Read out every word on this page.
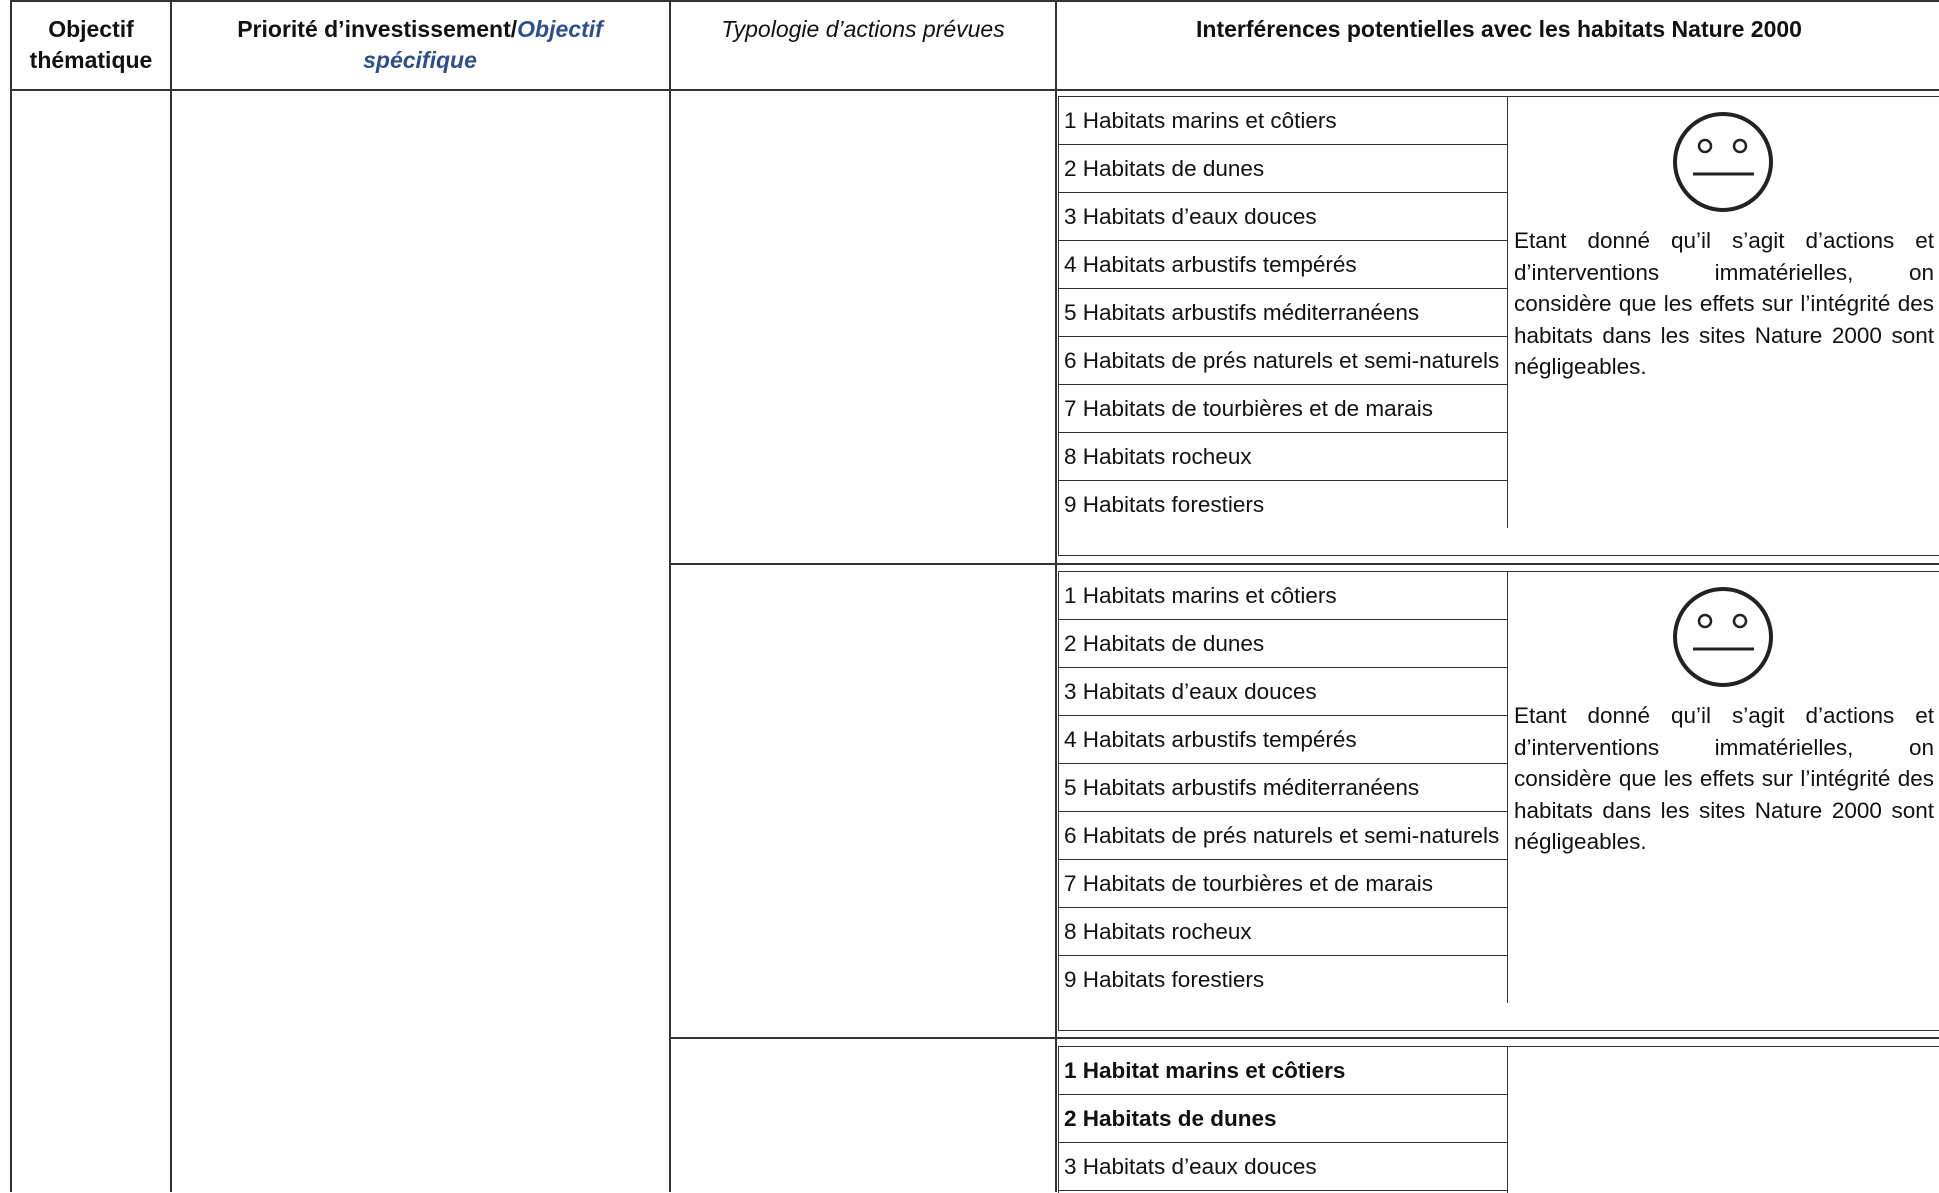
Objectif thématique
Priorité d’investissement/Objectif spécifique
Typologie d’actions prévues	Interférences potentielles avec les habitats Nature 2000
1 Habitats marins et côtiers
2 Habitats de dunes
3 Habitats d’eaux douces
4 Habitats arbustifs tempérés
5 Habitats arbustifs méditerranéens
6 Habitats de prés naturels et semi-naturels
7 Habitats de tourbières et de marais
8 Habitats rocheux
9 Habitats forestiers
Etant donné qu’il s’agit d’actions et d’interventions immatérielles, on considère que les effets sur l’intégrité des habitats dans les sites Nature 2000 sont négligeables.
1 Habitats marins et côtiers
2 Habitats de dunes
3 Habitats d’eaux douces
4 Habitats arbustifs tempérés
5 Habitats arbustifs méditerranéens
6 Habitats de prés naturels et semi-naturels
7 Habitats de tourbières et de marais
8 Habitats rocheux
9 Habitats forestiers
Etant donné qu’il s’agit d’actions et d’interventions immatérielles, on considère que les effets sur l’intégrité des habitats dans les sites Nature 2000 sont négligeables.
1 Habitat marins et côtiers
2 Habitats de dunes
3 Habitats d’eaux douces
